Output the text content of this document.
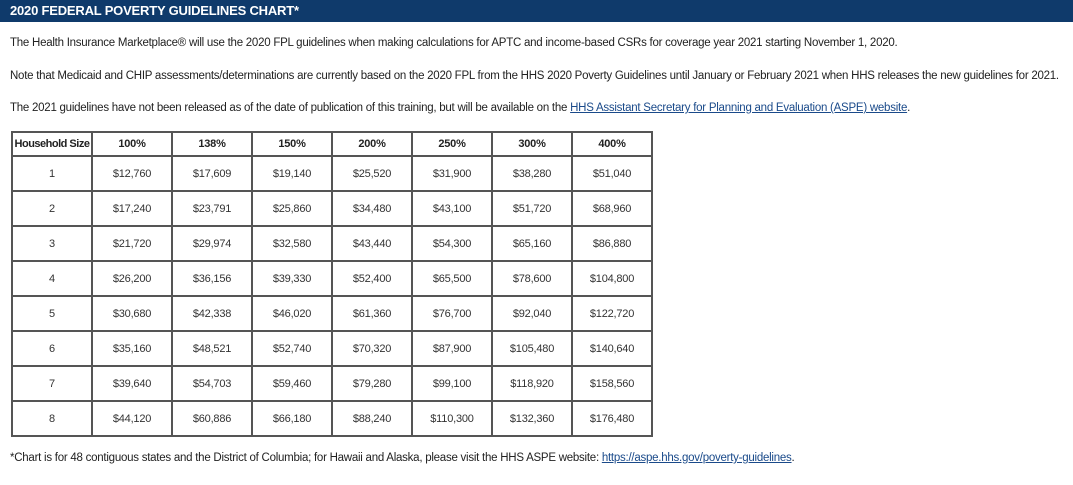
2020 FEDERAL POVERTY GUIDELINES CHART*
The Health Insurance Marketplace® will use the 2020 FPL guidelines when making calculations for APTC and income-based CSRs for coverage year 2021 starting November 1, 2020.
Note that Medicaid and CHIP assessments/determinations are currently based on the 2020 FPL from the HHS 2020 Poverty Guidelines until January or February 2021 when HHS releases the new guidelines for 2021.
The 2021 guidelines have not been released as of the date of publication of this training, but will be available on the HHS Assistant Secretary for Planning and Evaluation (ASPE) website.
Household Size	100%	138%	150%	200%	250%	300%	400%
1	$12,760	$17,609	$19,140	$25,520	$31,900	$38,280	$51,040
2	$17,240	$23,791	$25,860	$34,480	$43,100	$51,720	$68,960
3	$21,720	$29,974	$32,580	$43,440	$54,300	$65,160	$86,880
4	$26,200	$36,156	$39,330	$52,400	$65,500	$78,600	$104,800
5	$30,680	$42,338	$46,020	$61,360	$76,700	$92,040	$122,720
6	$35,160	$48,521	$52,740	$70,320	$87,900	$105,480	$140,640
7	$39,640	$54,703	$59,460	$79,280	$99,100	$118,920	$158,560
8	$44,120	$60,886	$66,180	$88,240	$110,300	$132,360	$176,480
*Chart is for 48 contiguous states and the District of Columbia; for Hawaii and Alaska, please visit the HHS ASPE website: https://aspe.hhs.gov/poverty-guidelines.
